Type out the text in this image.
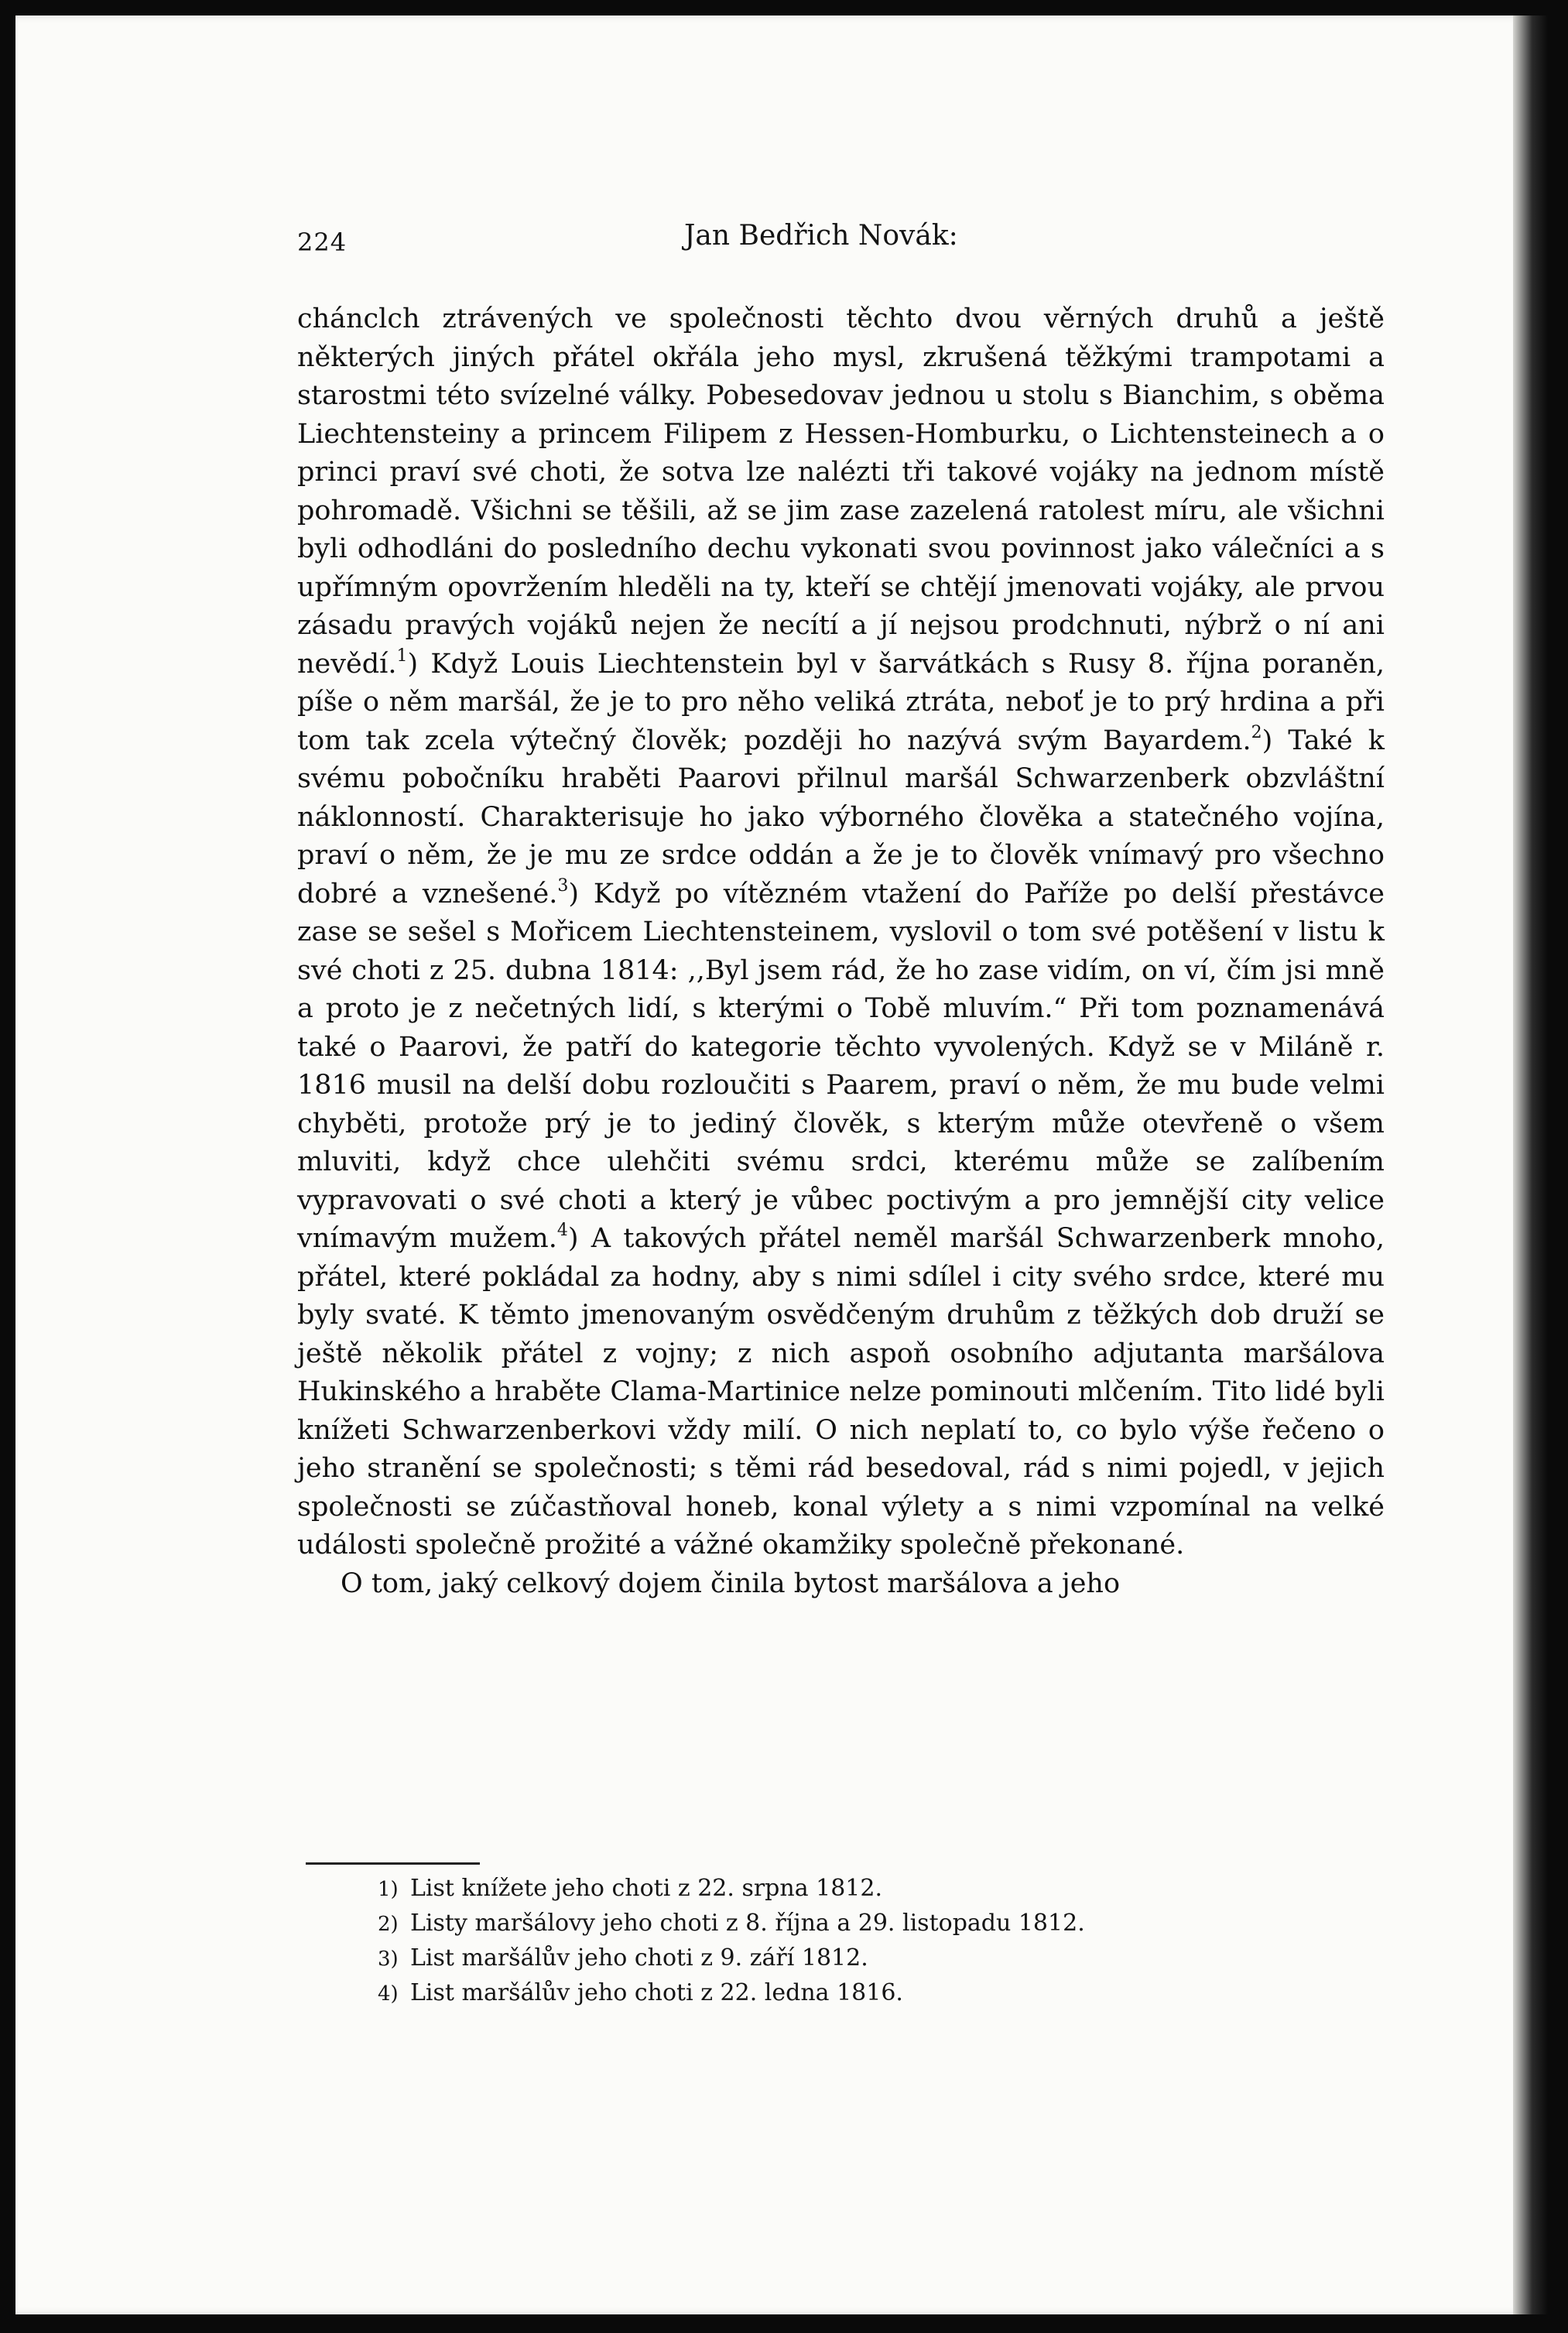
224	Jan Bedřich Novák:

chánclch ztrávených ve společnosti těchto dvou věrných druhů a ještě některých jiných přátel okřála jeho mysl, zkrušená těžkými trampotami a starostmi této svízelné války. Pobesedovav jednou u stolu s Bianchim, s oběma Liechtensteiny a princem Filipem z Hessen-Homburku, o Lichtensteinech a o princi praví své choti, že sotva lze nalézti tři takové vojáky na jednom místě pohromadě. Všichni se těšili, až se jim zase zazelená ratolest míru, ale všichni byli odhodláni do posledního dechu vykonati svou povinnost jako válečníci a s upřímným opovržením hleděli na ty, kteří se chtějí jmenovati vojáky, ale prvou zásadu pravých vojáků nejen že necítí a jí nejsou prodchnuti, nýbrž o ní ani nevědí.$^1$) Když Louis Liechtenstein byl v šarvátkách s Rusy 8. října poraněn, píše o něm maršál, že je to pro něho veliká ztráta, neboť je to prý hrdina a při tom tak zcela výtečný člověk; později ho nazývá svým Bayardem.$^2$) Také k svému pobočníku hraběti Paarovi přilnul maršál Schwarzenberk obzvláštní náklonností. Charakterisuje ho jako výborného člověka a statečného vojína, praví o něm, že je mu ze srdce oddán a že je to člověk vnímavý pro všechno dobré a vznešené.$^3$) Když po vítězném vtažení do Paříže po delší přestávce zase se sešel s Mořicem Liechtensteinem, vyslovil o tom své potěšení v listu k své choti z 25. dubna 1814: ,,Byl jsem rád, že ho zase vidím, on ví, čím jsi mně a proto je z nečetných lidí, s kterými o Tobě mluvím.“ Při tom poznamenává také o Paarovi, že patří do kategorie těchto vyvolených. Když se v Miláně r. 1816 musil na delší dobu rozloučiti s Paarem, praví o něm, že mu bude velmi chyběti, protože prý je to jediný člověk, s kterým může otevřeně o všem mluviti, když chce ulehčiti svému srdci, kterému může se zalíbením vypravovati o své choti a který je vůbec poctivým a pro jemnější city velice vnímavým mužem.$^4$) A takových přátel neměl maršál Schwarzenberk mnoho, přátel, které pokládal za hodny, aby s nimi sdílel i city svého srdce, které mu byly svaté. K těmto jmenovaným osvědčeným druhům z těžkých dob druží se ještě několik přátel z vojny; z nich aspoň osobního adjutanta maršálova Hukinského a hraběte Clama-Martinice nelze pominouti mlčením. Tito lidé byli knížeti Schwarzenberkovi vždy milí. O nich neplatí to, co bylo výše řečeno o jeho stranění se společnosti; s těmi rád besedoval, rád s nimi pojedl, v jejich společnosti se zúčastňoval honeb, konal výlety a s nimi vzpomínal na velké události společně prožité a vážné okamžiky společně překonané.

O tom, jaký celkový dojem činila bytost maršálova a jeho

1) List knížete jeho choti z 22. srpna 1812.
2) Listy maršálovy jeho choti z 8. října a 29. listopadu 1812.
3) List maršálův jeho choti z 9. září 1812.
4) List maršálův jeho choti z 22. ledna 1816.
